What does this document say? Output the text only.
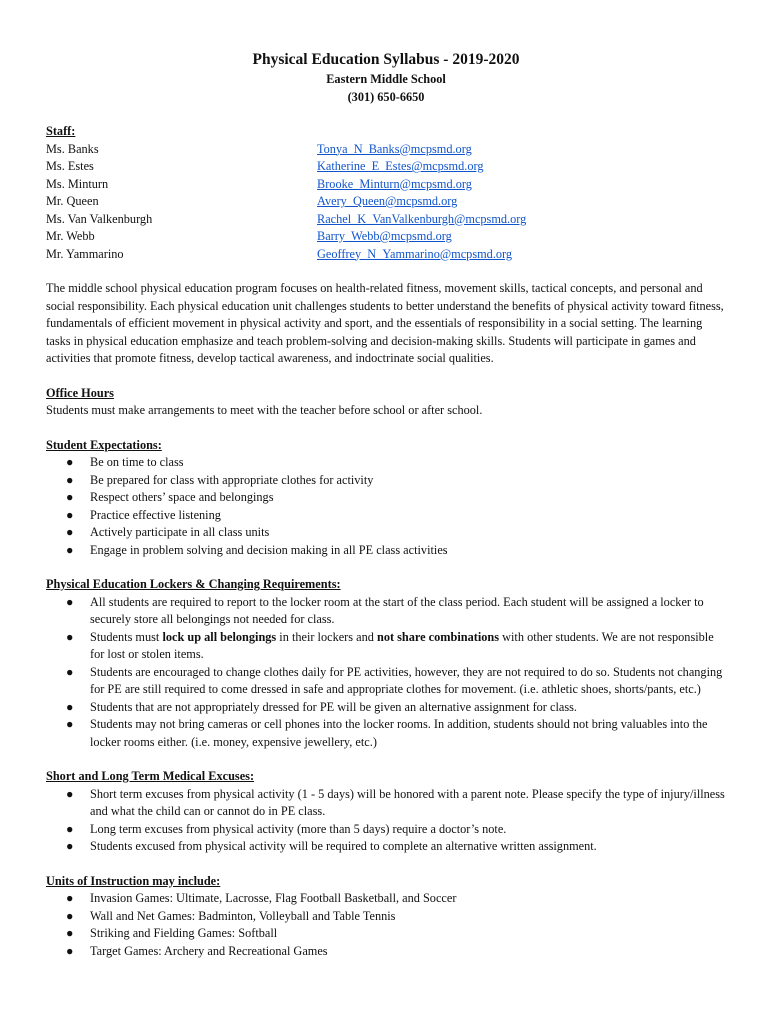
Physical Education Syllabus - 2019-2020
Eastern Middle School
(301) 650-6650
Staff:
Ms. Banks	Tonya_N_Banks@mcpsmd.org
Ms. Estes	Katherine_E_Estes@mcpsmd.org
Ms. Minturn	Brooke_Minturn@mcpsmd.org
Mr. Queen	Avery_Queen@mcpsmd.org
Ms. Van Valkenburgh	Rachel_K_VanValkenburgh@mcpsmd.org
Mr. Webb	Barry_Webb@mcpsmd.org
Mr. Yammarino	Geoffrey_N_Yammarino@mcpsmd.org
The middle school physical education program focuses on health-related fitness, movement skills, tactical concepts, and personal and social responsibility. Each physical education unit challenges students to better understand the benefits of physical activity toward fitness, fundamentals of efficient movement in physical activity and sport, and the essentials of responsibility in a social setting. The learning tasks in physical education emphasize and teach problem-solving and decision-making skills. Students will participate in games and activities that promote fitness, develop tactical awareness, and indoctrinate social qualities.
Office Hours
Students must make arrangements to meet with the teacher before school or after school.
Student Expectations:
● Be on time to class
● Be prepared for class with appropriate clothes for activity
● Respect others’ space and belongings
● Practice effective listening
● Actively participate in all class units
● Engage in problem solving and decision making in all PE class activities
Physical Education Lockers & Changing Requirements:
● All students are required to report to the locker room at the start of the class period. Each student will be assigned a locker to securely store all belongings not needed for class.
● Students must lock up all belongings in their lockers and not share combinations with other students. We are not responsible for lost or stolen items.
● Students are encouraged to change clothes daily for PE activities, however, they are not required to do so. Students not changing for PE are still required to come dressed in safe and appropriate clothes for movement. (i.e. athletic shoes, shorts/pants, etc.)
● Students that are not appropriately dressed for PE will be given an alternative assignment for class.
● Students may not bring cameras or cell phones into the locker rooms. In addition, students should not bring valuables into the locker rooms either. (i.e. money, expensive jewellery, etc.)
Short and Long Term Medical Excuses:
● Short term excuses from physical activity (1 - 5 days) will be honored with a parent note. Please specify the type of injury/illness and what the child can or cannot do in PE class.
● Long term excuses from physical activity (more than 5 days) require a doctor’s note.
● Students excused from physical activity will be required to complete an alternative written assignment.
Units of Instruction may include:
● Invasion Games: Ultimate, Lacrosse, Flag Football Basketball, and Soccer
● Wall and Net Games: Badminton, Volleyball and Table Tennis
● Striking and Fielding Games: Softball
● Target Games: Archery and Recreational Games
